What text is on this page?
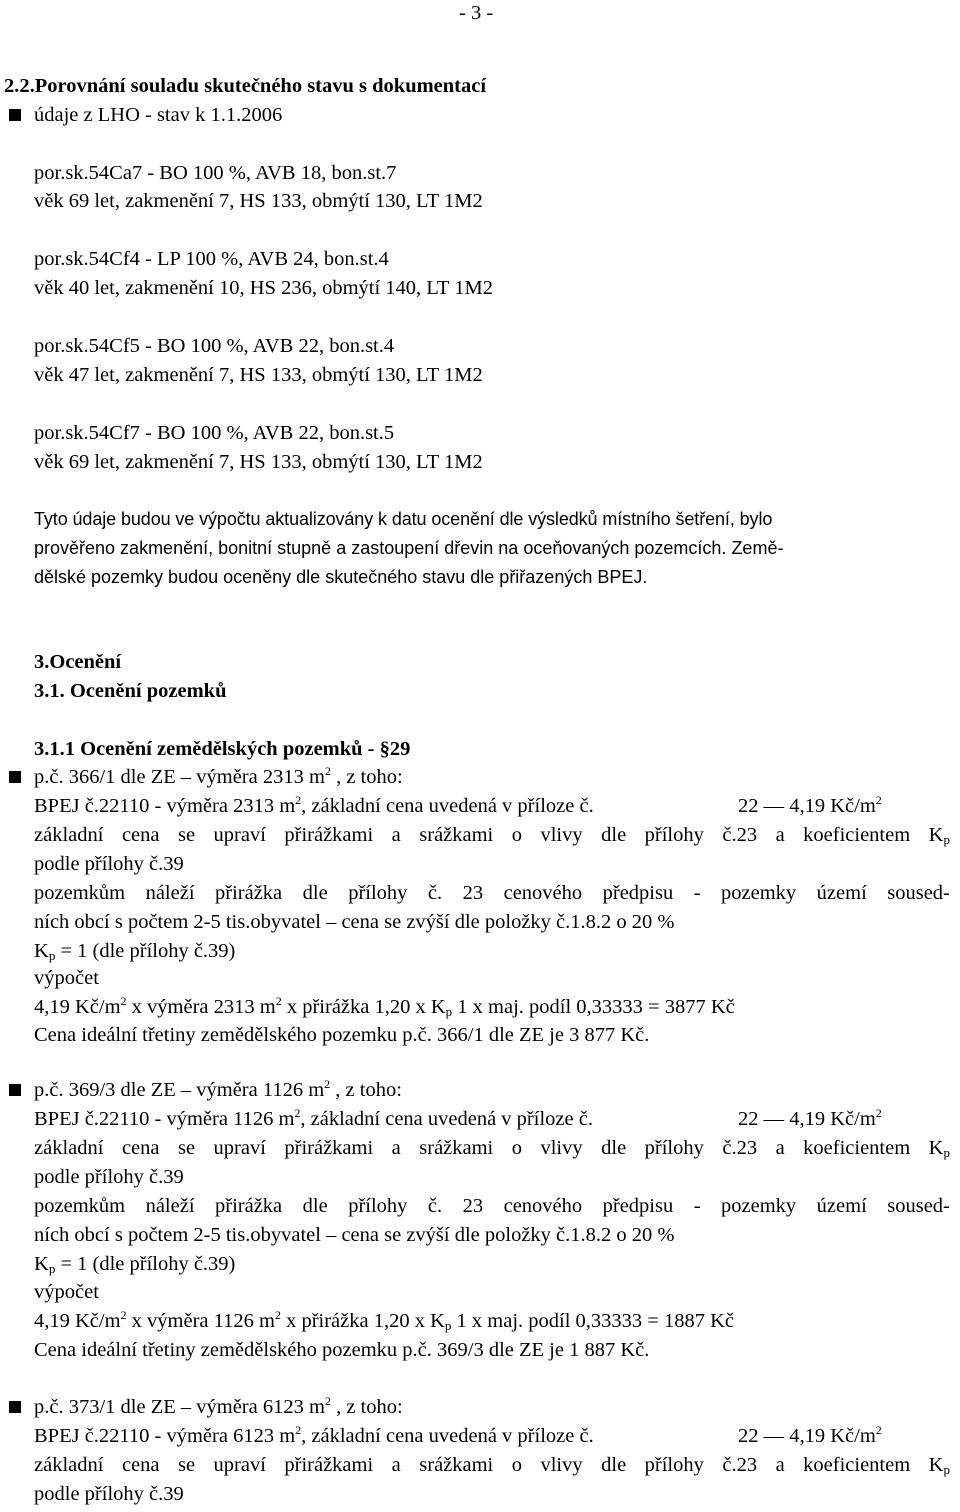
- 3 -
2.2.Porovnání souladu skutečného stavu s dokumentací
údaje z LHO - stav k 1.1.2006
por.sk.54Ca7 - BO 100 %, AVB 18, bon.st.7
věk 69 let, zakmenění 7, HS 133, obmýtí 130, LT 1M2
por.sk.54Cf4 - LP 100 %, AVB 24, bon.st.4
věk 40 let, zakmenění 10, HS 236, obmýtí 140, LT 1M2
por.sk.54Cf5 - BO 100 %, AVB 22, bon.st.4
věk 47 let, zakmenění 7, HS 133, obmýtí 130, LT 1M2
por.sk.54Cf7 - BO 100 %, AVB 22, bon.st.5
věk 69 let, zakmenění 7, HS 133, obmýtí 130, LT 1M2
Tyto údaje budou ve výpočtu aktualizovány k datu ocenění dle výsledků místního šetření, bylo
prověřeno zakmenění, bonitní stupně a zastoupení dřevin na oceňovaných pozemcích. Země-
dělské pozemky budou oceněny dle skutečného stavu dle přiřazených BPEJ.
3.Ocenění
3.1. Ocenění pozemků
3.1.1 Ocenění zemědělských pozemků - §29
p.č. 366/1 dle ZE – výměra 2313 $m^2$ , z toho:
BPEJ č.22110 - výměra 2313 $m^2$, základní cena uvedená v příloze č.	22 — 4,19 $Kč/m^2$
základní cena se upraví přirážkami a srážkami o vlivy dle přílohy č.23 a koeficientem $K_p$
podle přílohy č.39
pozemkům náleží přirážka dle přílohy č. 23 cenového předpisu - pozemky území soused-
ních obcí s počtem 2-5 tis.obyvatel – cena se zvýší dle položky č.1.8.2 o 20 %
$K_p = 1$ (dle přílohy č.39)
výpočet
4,19 $Kč/m^2$ x výměra 2313 $m^2$ x přirážka 1,20 x $K_p$ 1 x maj. podíl 0,33333 = 3877 Kč
Cena ideální třetiny zemědělského pozemku p.č. 366/1 dle ZE je 3 877 Kč.
p.č. 369/3 dle ZE – výměra 1126 $m^2$ , z toho:
BPEJ č.22110 - výměra 1126 $m^2$, základní cena uvedená v příloze č.	22 — 4,19 $Kč/m^2$
základní cena se upraví přirážkami a srážkami o vlivy dle přílohy č.23 a koeficientem $K_p$
podle přílohy č.39
pozemkům náleží přirážka dle přílohy č. 23 cenového předpisu - pozemky území soused-
ních obcí s počtem 2-5 tis.obyvatel – cena se zvýší dle položky č.1.8.2 o 20 %
$K_p = 1$ (dle přílohy č.39)
výpočet
4,19 $Kč/m^2$ x výměra 1126 $m^2$ x přirážka 1,20 x $K_p$ 1 x maj. podíl 0,33333 = 1887 Kč
Cena ideální třetiny zemědělského pozemku p.č. 369/3 dle ZE je 1 887 Kč.
p.č. 373/1 dle ZE – výměra 6123 $m^2$ , z toho:
BPEJ č.22110 - výměra 6123 $m^2$, základní cena uvedená v příloze č.	22 — 4,19 $Kč/m^2$
základní cena se upraví přirážkami a srážkami o vlivy dle přílohy č.23 a koeficientem $K_p$
podle přílohy č.39
